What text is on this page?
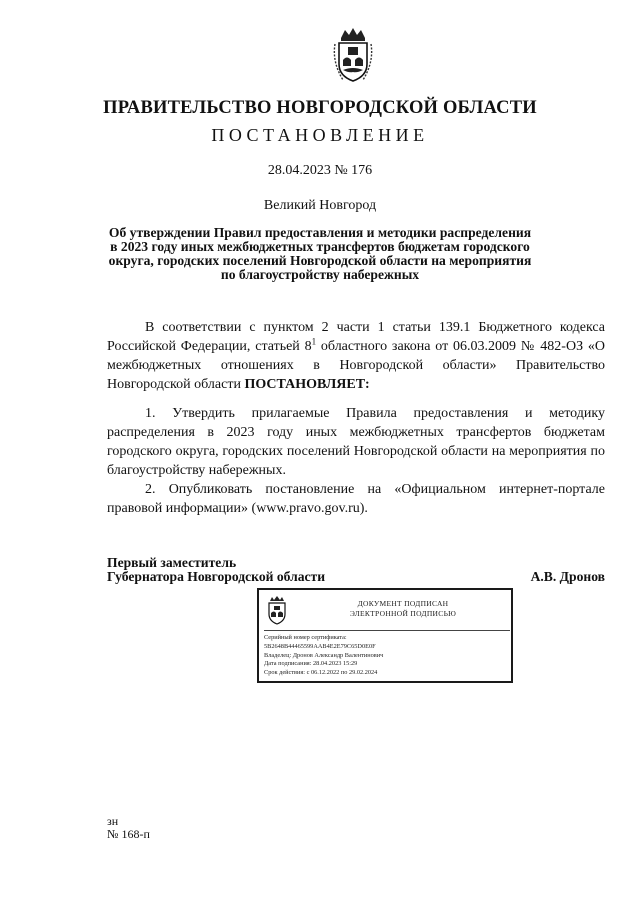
ПРАВИТЕЛЬСТВО НОВГОРОДСКОЙ ОБЛАСТИ
ПОСТАНОВЛЕНИЕ
28.04.2023 № 176
Великий Новгород
Об утверждении Правил предоставления и методики распределения
в 2023 году иных межбюджетных трансфертов бюджетам городского
округа, городских поселений Новгородской области на мероприятия
по благоустройству набережных
В соответствии с пунктом 2 части 1 статьи 139.1 Бюджетного кодекса Российской Федерации, статьей $8^1$ областного закона от 06.03.2009 № 482-ОЗ «О межбюджетных отношениях в Новгородской области» Правительство Новгородской области ПОСТАНОВЛЯЕТ:
1. Утвердить прилагаемые Правила предоставления и методику распределения в 2023 году иных межбюджетных трансфертов бюджетам городского округа, городских поселений Новгородской области на мероприятия по благоустройству набережных.
2. Опубликовать постановление на «Официальном интернет-портале правовой информации» (www.pravo.gov.ru).
Первый заместитель
Губернатора Новгородской области	А.В. Дронов
ДОКУМЕНТ ПОДПИСАН
ЭЛЕКТРОННОЙ ПОДПИСЬЮ
Серийный номер сертификата:
5B2648B44465599AAB4E2E79C65D0E0F
Владелец: Дронов Александр Валентинович
Дата подписания: 28.04.2023 15:29
Срок действия: с 06.12.2022 по 29.02.2024
зн
№ 168-п
